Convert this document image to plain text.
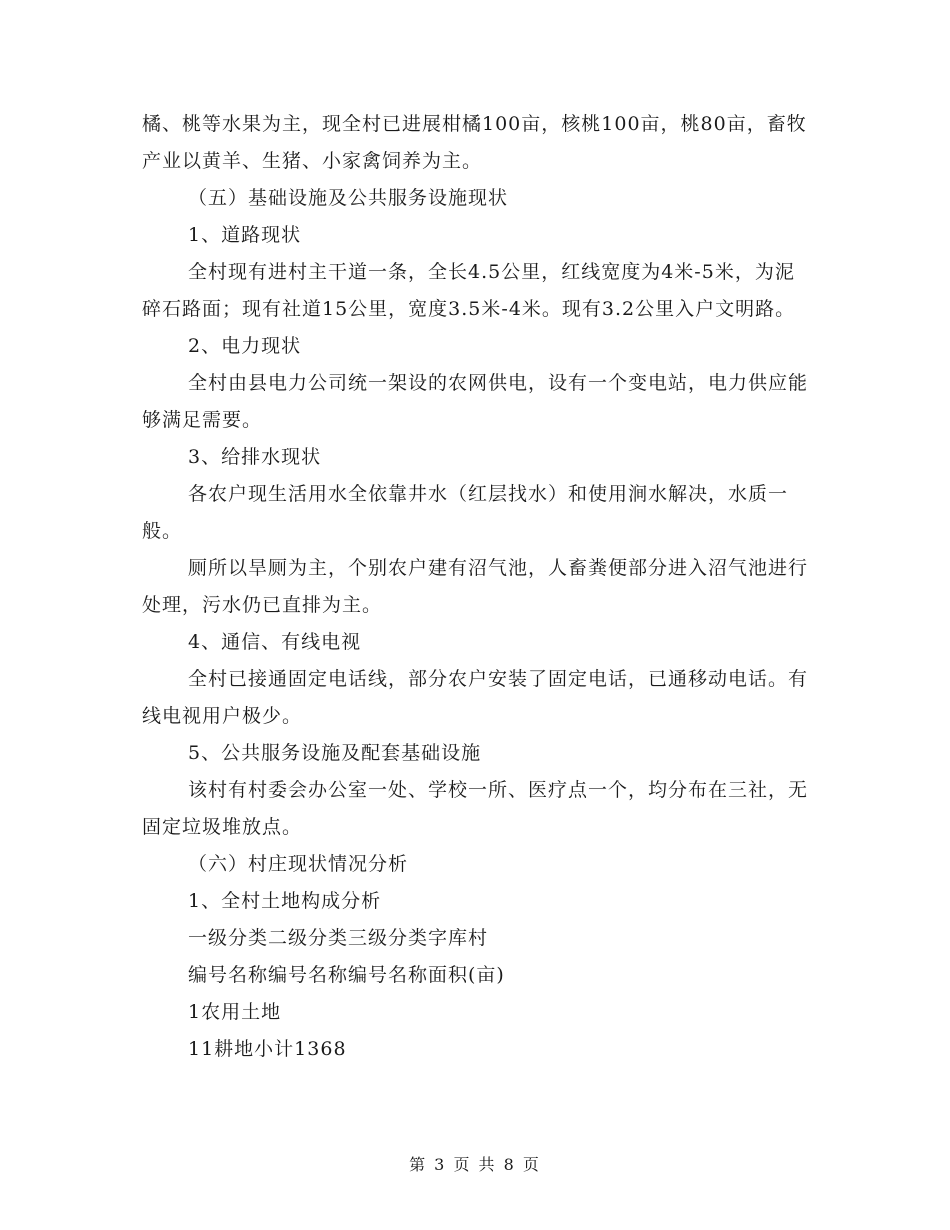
橘、桃等水果为主，现全村已进展柑橘100亩，核桃100亩，桃80亩，畜牧产业以黄羊、生猪、小家禽饲养为主。

（五）基础设施及公共服务设施现状

1、道路现状

全村现有进村主干道一条，全长4.5公里，红线宽度为4米-5米，为泥碎石路面；现有社道15公里，宽度3.5米-4米。现有3.2公里入户文明路。

2、电力现状

全村由县电力公司统一架设的农网供电，设有一个变电站，电力供应能够满足需要。

3、给排水现状

各农户现生活用水全依靠井水（红层找水）和使用涧水解决，水质一般。

厕所以旱厕为主，个别农户建有沼气池，人畜粪便部分进入沼气池进行处理，污水仍已直排为主。

4、通信、有线电视

全村已接通固定电话线，部分农户安装了固定电话，已通移动电话。有线电视用户极少。

5、公共服务设施及配套基础设施

该村有村委会办公室一处、学校一所、医疗点一个，均分布在三社，无固定垃圾堆放点。

（六）村庄现状情况分析

1、全村土地构成分析

一级分类二级分类三级分类字库村

编号名称编号名称编号名称面积(亩)

1农用土地

11耕地小计1368

第 3 页 共 8 页
